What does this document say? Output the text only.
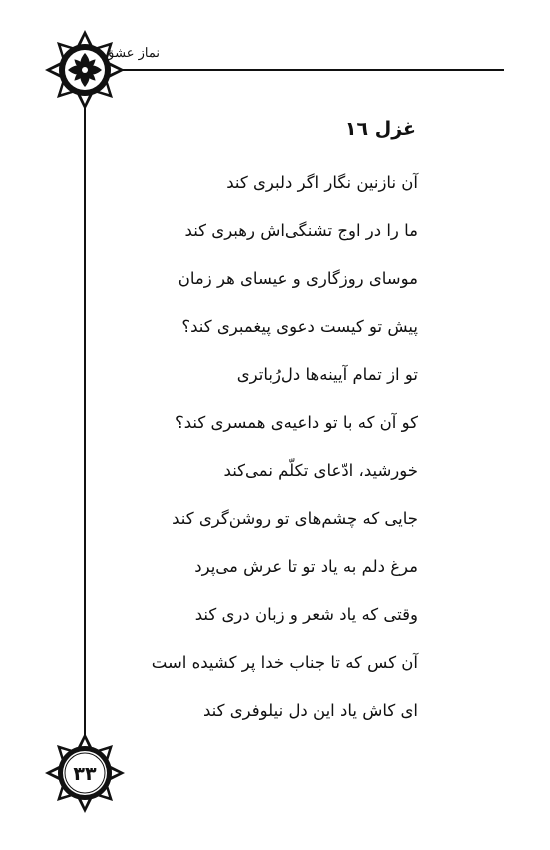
نماز عشق
غزل ١٦
آن نازنین نگار اگر دلبری کند
ما را در اوج تشنگی‌اش رهبری کند
موسای روزگاری و عیسای هر زمان
پیش تو کیست دعوی پیغمبری کند؟
تو از تمام آیینه‌ها دل‌رُباتری
کو آن که با تو داعیه‌ی همسری کند؟
خورشید، ادّعای تکلّم نمی‌کند
جایی که چشم‌های تو روشن‌گری کند
مرغ دلم به یاد تو تا عرش می‌پرد
وقتی که یاد شعر و زبان دری کند
آن کس که تا جناب خدا پر کشیده است
ای کاش یاد این دل نیلوفری کند
٣٣
